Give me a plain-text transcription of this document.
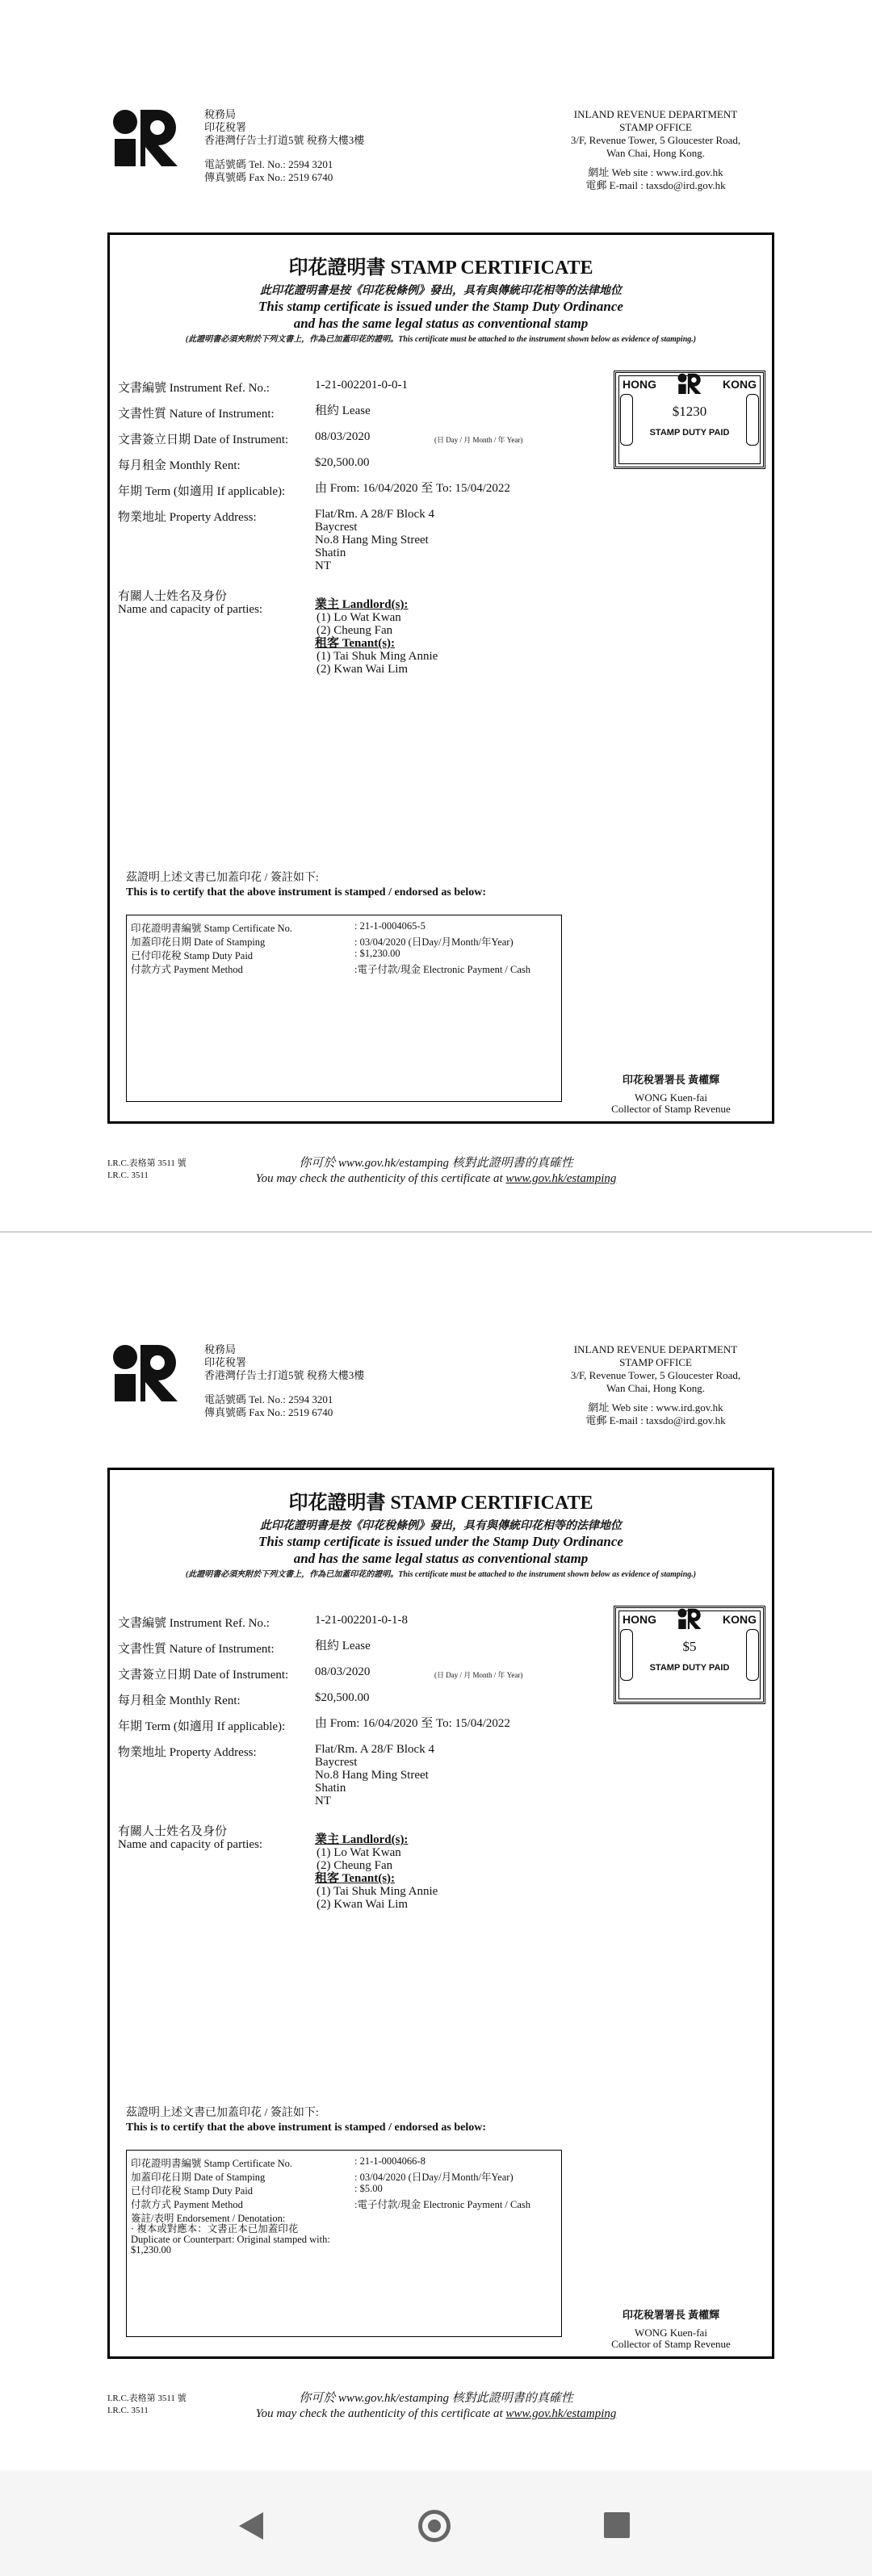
稅務局
印花稅署
香港灣仔告士打道5號 稅務大樓3樓
電話號碼 Tel. No.: 2594 3201
傳真號碼 Fax No.: 2519 6740
INLAND REVENUE DEPARTMENT
STAMP OFFICE
3/F, Revenue Tower, 5 Gloucester Road,
Wan Chai, Hong Kong.
網址 Web site : www.ird.gov.hk
電郵 E-mail : taxsdo@ird.gov.hk
印花證明書 STAMP CERTIFICATE
此印花證明書是按《印花稅條例》發出，具有與傳統印花相等的法律地位
This stamp certificate is issued under the Stamp Duty Ordinance
and has the same legal status as conventional stamp
(此證明書必須夾附於下列文書上，作為已加蓋印花的證明。This certificate must be attached to the instrument shown below as evidence of stamping.)
文書編號 Instrument Ref. No.:	1-21-002201-0-0-1
文書性質 Nature of Instrument:	租約 Lease
文書簽立日期 Date of Instrument: 08/03/2020	(日 Day / 月 Month / 年 Year)
每月租金 Monthly Rent:	$20,500.00
年期 Term (如適用 If applicable): 由 From: 16/04/2020 至 To: 15/04/2022
物業地址 Property Address:	Flat/Rm. A 28/F Block 4
Baycrest
No.8 Hang Ming Street
Shatin
NT
有關人士姓名及身份
Name and capacity of parties:	業主 Landlord(s):
(1) Lo Wat Kwan
(2) Cheung Fan
租客 Tenant(s):
(1) Tai Shuk Ming Annie
(2) Kwan Wai Lim
HONG	KONG
$1230
STAMP DUTY PAID
茲證明上述文書已加蓋印花 / 簽註如下:
This is to certify that the above instrument is stamped / endorsed as below:
印花證明書編號 Stamp Certificate No.	: 21-1-0004065-5
加蓋印花日期 Date of Stamping	: 03/04/2020 (日Day/月Month/年Year)
已付印花稅 Stamp Duty Paid	: $1,230.00
付款方式 Payment Method	:電子付款/現金 Electronic Payment / Cash
印花稅署署長 黃權輝
WONG Kuen-fai
Collector of Stamp Revenue
I.R.C.表格第 3511 號
I.R.C. 3511
你可於 www.gov.hk/estamping 核對此證明書的真確性
You may check the authenticity of this certificate at www.gov.hk/estamping
稅務局
印花稅署
香港灣仔告士打道5號 稅務大樓3樓
電話號碼 Tel. No.: 2594 3201
傳真號碼 Fax No.: 2519 6740
INLAND REVENUE DEPARTMENT
STAMP OFFICE
3/F, Revenue Tower, 5 Gloucester Road,
Wan Chai, Hong Kong.
網址 Web site : www.ird.gov.hk
電郵 E-mail : taxsdo@ird.gov.hk
印花證明書 STAMP CERTIFICATE
此印花證明書是按《印花稅條例》發出，具有與傳統印花相等的法律地位
This stamp certificate is issued under the Stamp Duty Ordinance
and has the same legal status as conventional stamp
(此證明書必須夾附於下列文書上，作為已加蓋印花的證明。This certificate must be attached to the instrument shown below as evidence of stamping.)
文書編號 Instrument Ref. No.:	1-21-002201-0-1-8
文書性質 Nature of Instrument:	租約 Lease
文書簽立日期 Date of Instrument: 08/03/2020	(日 Day / 月 Month / 年 Year)
每月租金 Monthly Rent:	$20,500.00
年期 Term (如適用 If applicable): 由 From: 16/04/2020 至 To: 15/04/2022
物業地址 Property Address:	Flat/Rm. A 28/F Block 4
Baycrest
No.8 Hang Ming Street
Shatin
NT
有關人士姓名及身份
Name and capacity of parties:	業主 Landlord(s):
(1) Lo Wat Kwan
(2) Cheung Fan
租客 Tenant(s):
(1) Tai Shuk Ming Annie
(2) Kwan Wai Lim
HONG	KONG
$5
STAMP DUTY PAID
茲證明上述文書已加蓋印花 / 簽註如下:
This is to certify that the above instrument is stamped / endorsed as below:
印花證明書編號 Stamp Certificate No.	: 21-1-0004066-8
加蓋印花日期 Date of Stamping	: 03/04/2020 (日Day/月Month/年Year)
已付印花稅 Stamp Duty Paid	: $5.00
付款方式 Payment Method	:電子付款/現金 Electronic Payment / Cash
簽註/表明 Endorsement / Denotation:
· 複本或對應本：文書正本已加蓋印花
Duplicate or Counterpart: Original stamped with:
$1,230.00
印花稅署署長 黃權輝
WONG Kuen-fai
Collector of Stamp Revenue
I.R.C.表格第 3511 號
I.R.C. 3511
你可於 www.gov.hk/estamping 核對此證明書的真確性
You may check the authenticity of this certificate at www.gov.hk/estamping
